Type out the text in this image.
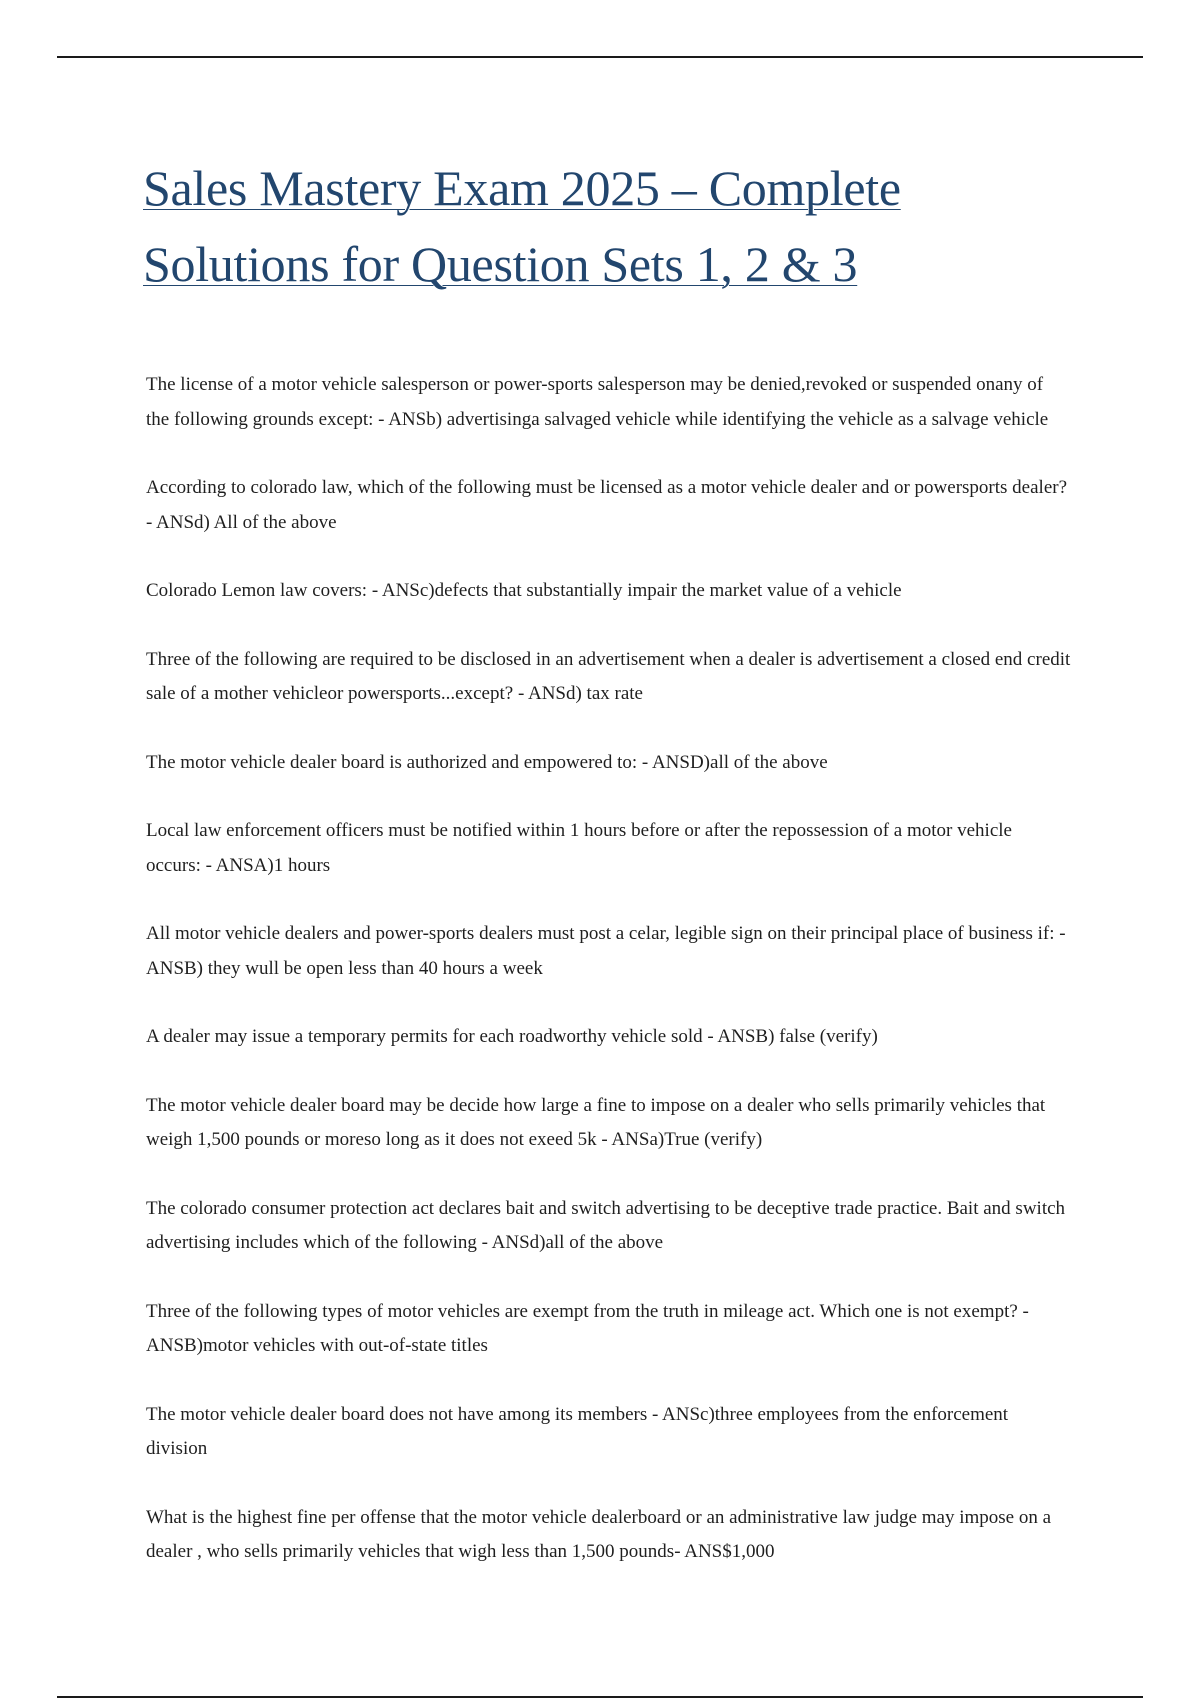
Sales Mastery Exam 2025 – Complete Solutions for Question Sets 1, 2 & 3
The license of a motor vehicle salesperson or power-sports salesperson may be denied,revoked or suspended onany of the following grounds except: - ANSb) advertisinga salvaged vehicle while identifying the vehicle as a salvage vehicle
According to colorado law, which of the following must be licensed as a motor vehicle dealer and or powersports dealer? - ANSd) All of the above
Colorado Lemon law covers: - ANSc)defects that substantially impair the market value of a vehicle
Three of the following are required to be disclosed in an advertisement when a dealer is advertisement a closed end credit sale of a mother vehicleor powersports...except? - ANSd) tax rate
The motor vehicle dealer board is authorized and empowered to: - ANSD)all of the above
Local law enforcement officers must be notified within 1 hours before or after the repossession of a motor vehicle occurs: - ANSA)1 hours
All motor vehicle dealers and power-sports dealers must post a celar, legible sign on their principal place of business if: - ANSB) they wull be open less than 40 hours a week
A dealer may issue a temporary permits for each roadworthy vehicle sold - ANSB) false (verify)
The motor vehicle dealer board may be decide how large a fine to impose on a dealer who sells primarily vehicles that weigh 1,500 pounds or moreso long as it does not exeed 5k - ANSa)True (verify)
The colorado consumer protection act declares bait and switch advertising to be deceptive trade practice. Bait and switch advertising includes which of the following - ANSd)all of the above
Three of the following types of motor vehicles are exempt from the truth in mileage act. Which one is not exempt? - ANSB)motor vehicles with out-of-state titles
The motor vehicle dealer board does not have among its members - ANSc)three employees from the enforcement division
What is the highest fine per offense that the motor vehicle dealerboard or an administrative law judge may impose on a dealer , who sells primarily vehicles that wigh less than 1,500 pounds- ANS$1,000
